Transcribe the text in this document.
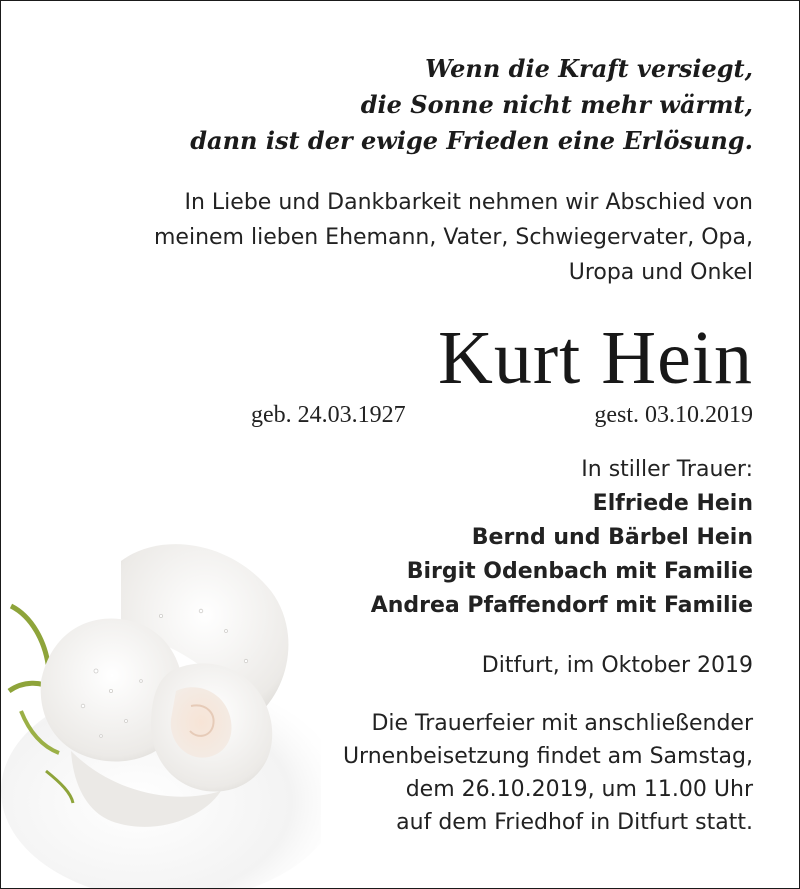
Wenn die Kraft versiegt,
die Sonne nicht mehr wärmt,
dann ist der ewige Frieden eine Erlösung.
In Liebe und Dankbarkeit nehmen wir Abschied von
meinem lieben Ehemann, Vater, Schwiegervater, Opa,
Uropa und Onkel
Kurt Hein
geb. 24.03.1927	gest. 03.10.2019
In stiller Trauer:
Elfriede Hein
Bernd und Bärbel Hein
Birgit Odenbach mit Familie
Andrea Pfaffendorf mit Familie
Ditfurt, im Oktober 2019
Die Trauerfeier mit anschließender
Urnenbeisetzung findet am Samstag,
dem 26.10.2019, um 11.00 Uhr
auf dem Friedhof in Ditfurt statt.
